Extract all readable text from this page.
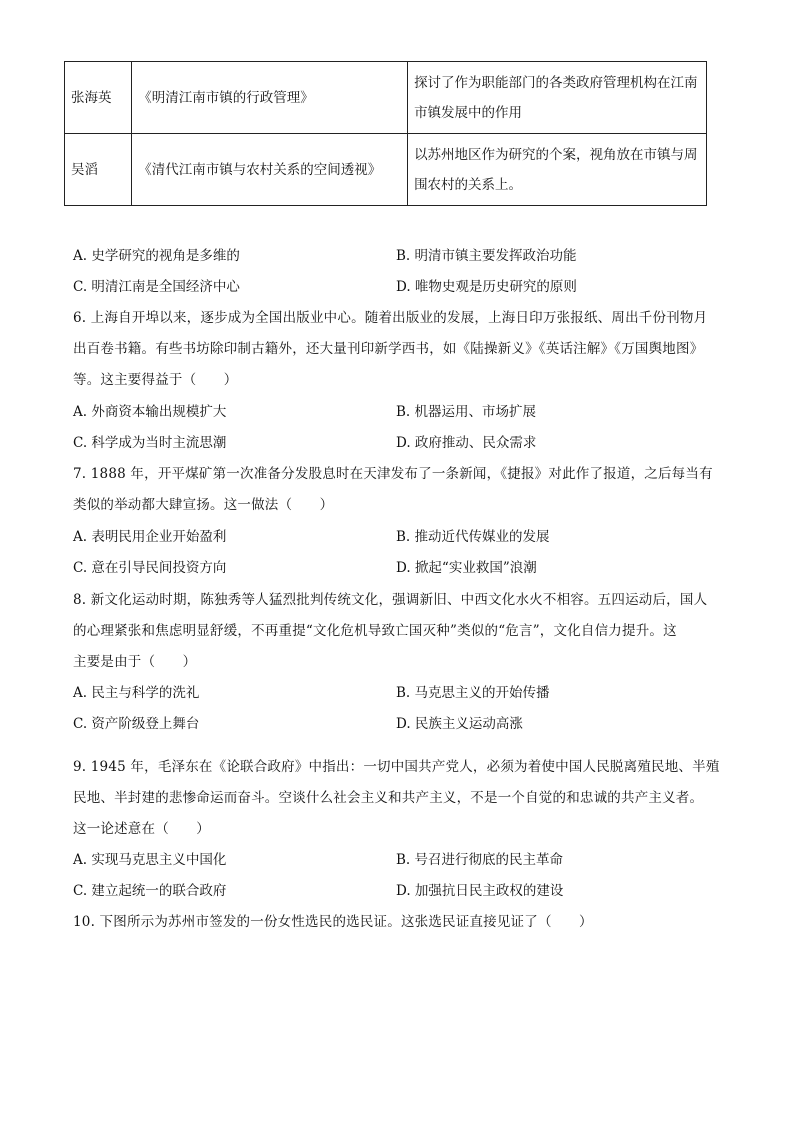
张海英	《明清江南市镇的行政管理》	探讨了作为职能部门的各类政府管理机构在江南市镇发展中的作用
吴滔	《清代江南市镇与农村关系的空间透视》	以苏州地区作为研究的个案，视角放在市镇与周围农村的关系上。
A. 史学研究的视角是多维的	B. 明清市镇主要发挥政治功能
C. 明清江南是全国经济中心	D. 唯物史观是历史研究的原则
6. 上海自开埠以来，逐步成为全国出版业中心。随着出版业的发展，上海日印万张报纸、周出千份刊物月
出百卷书籍。有些书坊除印制古籍外，还大量刊印新学西书，如《陆操新义》《英话注解》《万国舆地图》
等。这主要得益于（　　）
A. 外商资本输出规模扩大	B. 机器运用、市场扩展
C. 科学成为当时主流思潮	D. 政府推动、民众需求
7. 1888 年，开平煤矿第一次准备分发股息时在天津发布了一条新闻，《捷报》对此作了报道，之后每当有
类似的举动都大肆宣扬。这一做法（　　）
A. 表明民用企业开始盈利	B. 推动近代传媒业的发展
C. 意在引导民间投资方向	D. 掀起“实业救国”浪潮
8. 新文化运动时期，陈独秀等人猛烈批判传统文化，强调新旧、中西文化水火不相容。五四运动后，国人
的心理紧张和焦虑明显舒缓，不再重提“文化危机导致亡国灭种”类似的“危言”，文化自信力提升。这
主要是由于（　　）
A. 民主与科学的洗礼	B. 马克思主义的开始传播
C. 资产阶级登上舞台	D. 民族主义运动高涨
9. 1945 年，毛泽东在《论联合政府》中指出：一切中国共产党人，必须为着使中国人民脱离殖民地、半殖
民地、半封建的悲惨命运而奋斗。空谈什么社会主义和共产主义，不是一个自觉的和忠诚的共产主义者。
这一论述意在（　　）
A. 实现马克思主义中国化	B. 号召进行彻底的民主革命
C. 建立起统一的联合政府	D. 加强抗日民主政权的建设
10. 下图所示为苏州市签发的一份女性选民的选民证。这张选民证直接见证了（　　）
